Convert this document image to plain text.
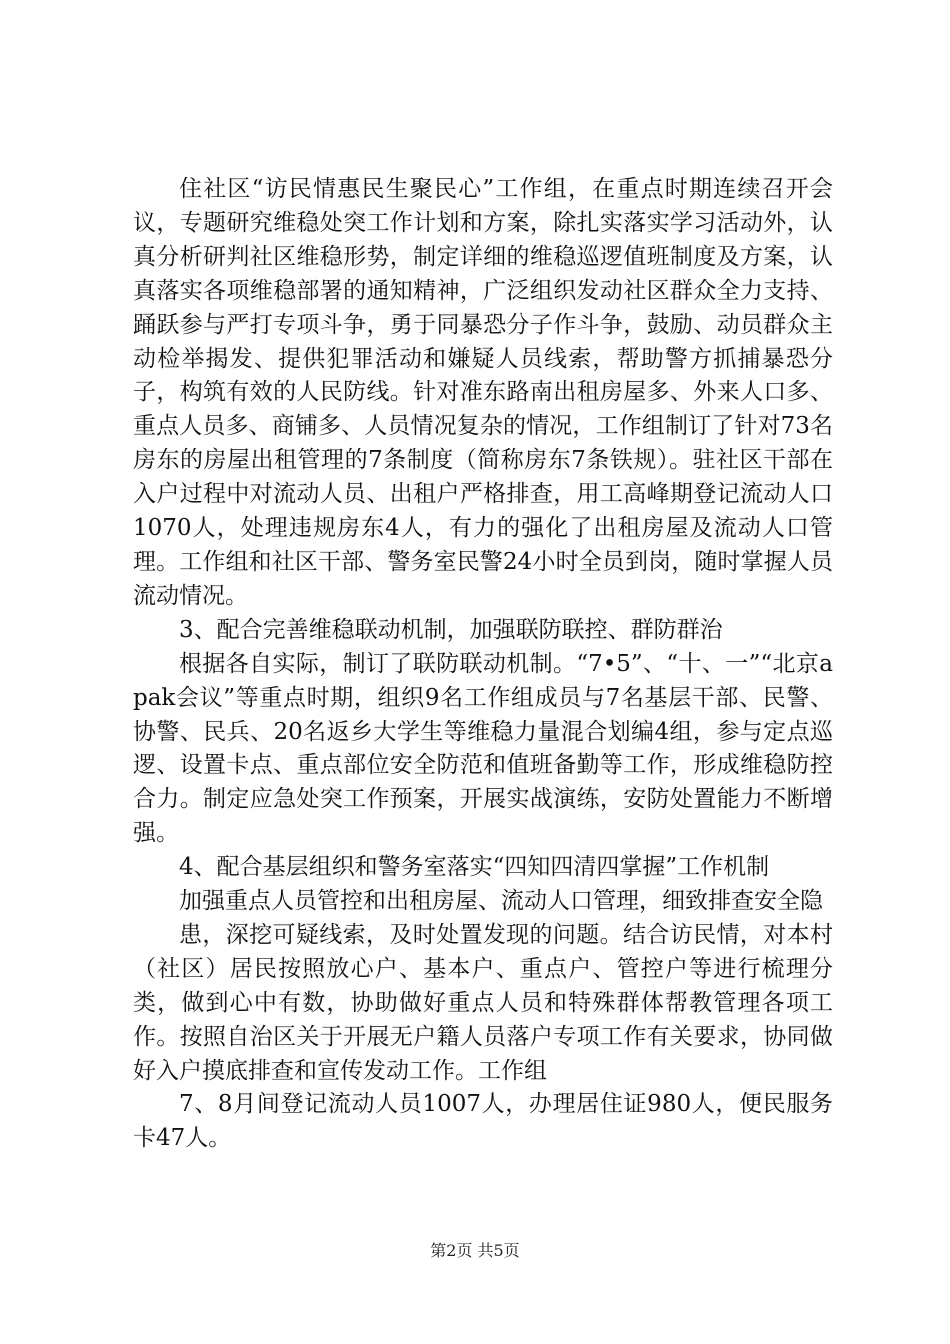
住社区“访民情惠民生聚民心”工作组，在重点时期连续召开会议，专题研究维稳处突工作计划和方案，除扎实落实学习活动外，认真分析研判社区维稳形势，制定详细的维稳巡逻值班制度及方案，认真落实各项维稳部署的通知精神，广泛组织发动社区群众全力支持、踊跃参与严打专项斗争，勇于同暴恐分子作斗争，鼓励、动员群众主动检举揭发、提供犯罪活动和嫌疑人员线索，帮助警方抓捕暴恐分子，构筑有效的人民防线。针对准东路南出租房屋多、外来人口多、重点人员多、商铺多、人员情况复杂的情况，工作组制订了针对73名房东的房屋出租管理的7条制度（简称房东7条铁规）。驻社区干部在入户过程中对流动人员、出租户严格排查，用工高峰期登记流动人口1070人，处理违规房东4人，有力的强化了出租房屋及流动人口管理。工作组和社区干部、警务室民警24小时全员到岗，随时掌握人员流动情况。

3、配合完善维稳联动机制，加强联防联控、群防群治

根据各自实际，制订了联防联动机制。“7•5”、“十、一”“北京apak会议”等重点时期，组织9名工作组成员与7名基层干部、民警、协警、民兵、20名返乡大学生等维稳力量混合划编4组，参与定点巡逻、设置卡点、重点部位安全防范和值班备勤等工作，形成维稳防控合力。制定应急处突工作预案，开展实战演练，安防处置能力不断增强。

4、配合基层组织和警务室落实“四知四清四掌握”工作机制

加强重点人员管控和出租房屋、流动人口管理，细致排查安全隐

患，深挖可疑线索，及时处置发现的问题。结合访民情，对本村（社区）居民按照放心户、基本户、重点户、管控户等进行梳理分类，做到心中有数，协助做好重点人员和特殊群体帮教管理各项工作。按照自治区关于开展无户籍人员落户专项工作有关要求，协同做好入户摸底排查和宣传发动工作。工作组

7、8月间登记流动人员1007人，办理居住证980人，便民服务卡47人。

第2页 共5页
